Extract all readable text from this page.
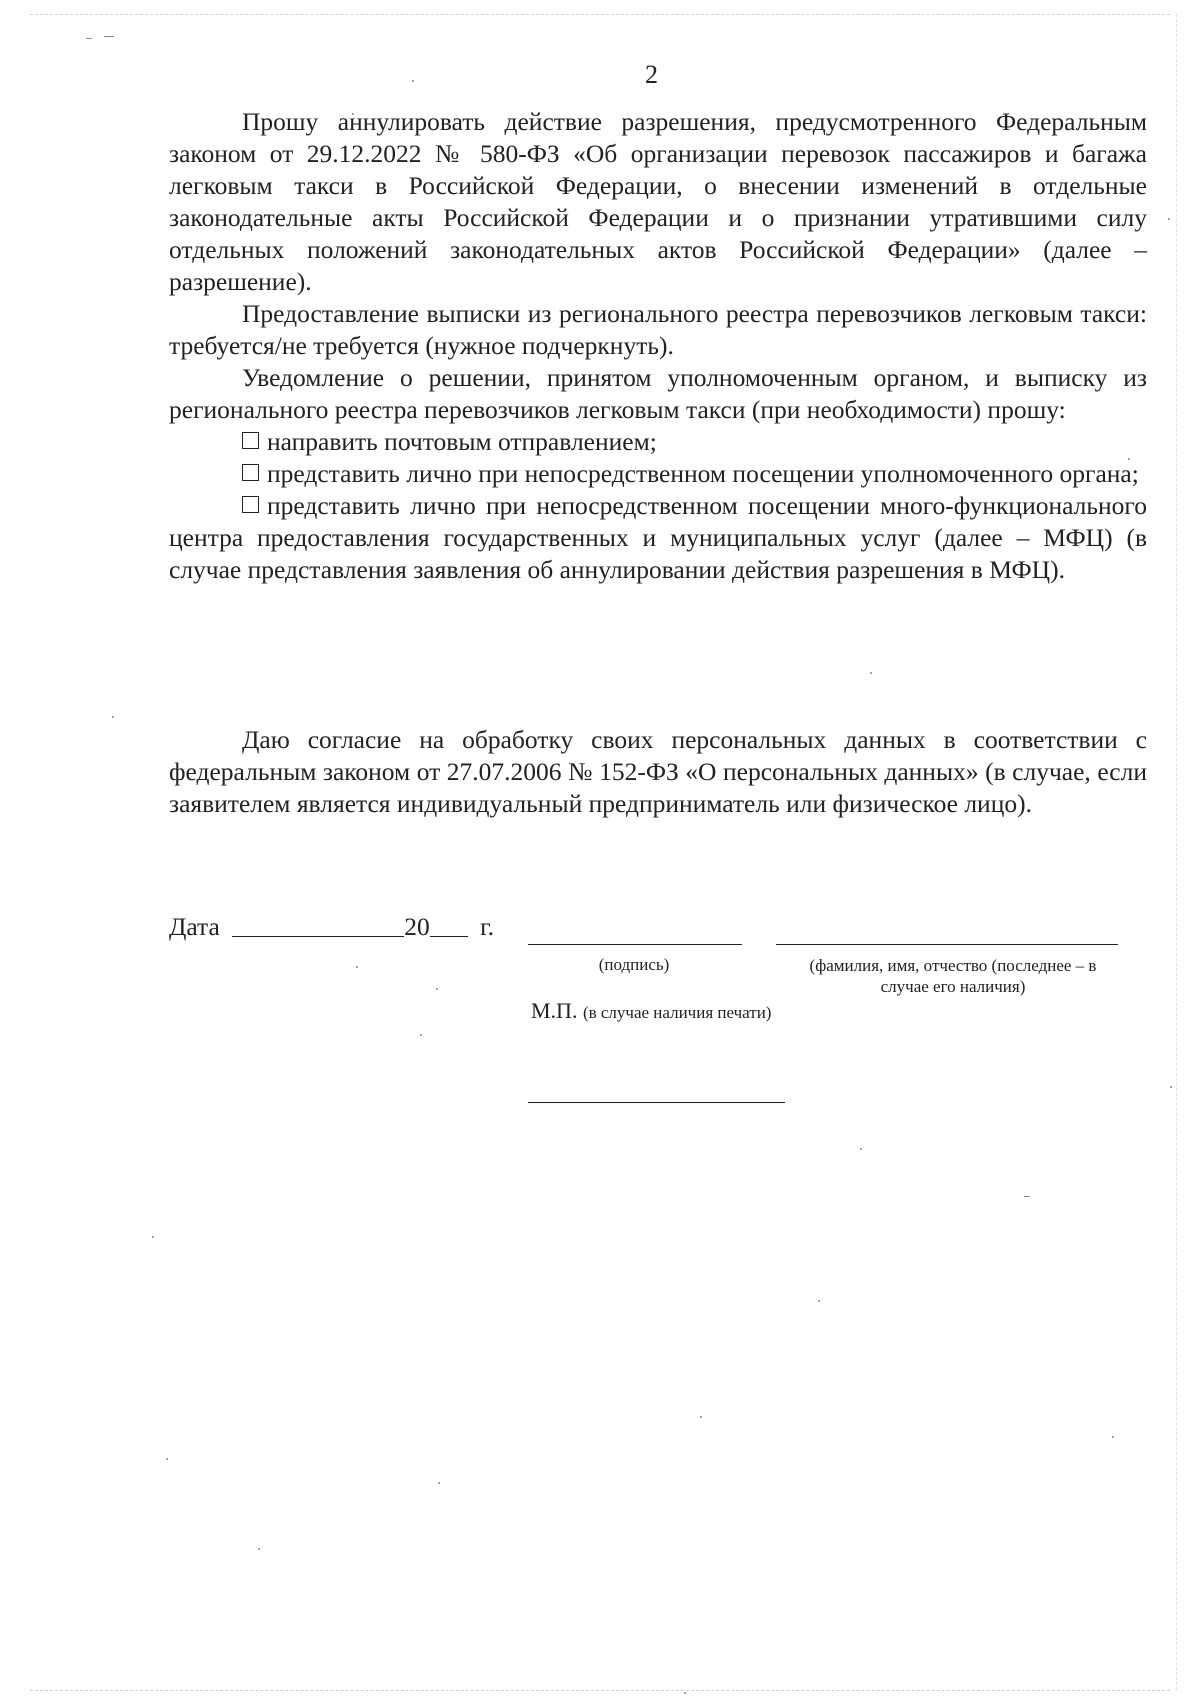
2

Прошу аннулировать действие разрешения, предусмотренного Федеральным законом от 29.12.2022 № 580-ФЗ «Об организации перевозок пассажиров и багажа легковым такси в Российской Федерации, о внесении изменений в отдельные законодательные акты Российской Федерации и о признании утратившими силу отдельных положений законодательных актов Российской Федерации» (далее – разрешение).

Предоставление выписки из регионального реестра перевозчиков легковым такси: требуется/не требуется (нужное подчеркнуть).

Уведомление о решении, принятом уполномоченным органом, и выписку из регионального реестра перевозчиков легковым такси (при необходимости) прошу:

направить почтовым отправлением;

представить лично при непосредственном посещении уполномоченного органа;

представить лично при непосредственном посещении много-функционального центра предоставления государственных и муниципальных услуг (далее – МФЦ) (в случае представления заявления об аннулировании действия разрешения в МФЦ).

Даю согласие на обработку своих персональных данных в соответствии с федеральным законом от 27.07.2006 № 152-ФЗ «О персональных данных» (в случае, если заявителем является индивидуальный предприниматель или физическое лицо).

Дата	20 г.
(подпись)	(фамилия, имя, отчество (последнее – в случае его наличия)
М.П. (в случае наличия печати)
